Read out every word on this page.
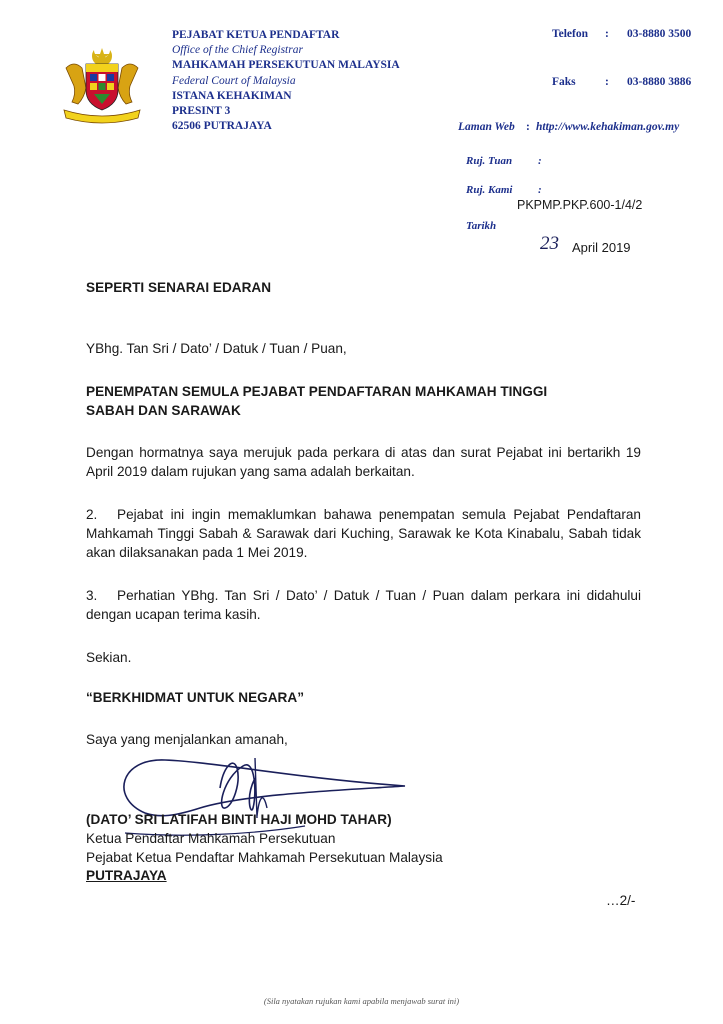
PEJABAT KETUA PENDAFTAR
Office of the Chief Registrar
MAHKAMAH PERSEKUTUAN MALAYSIA
Federal Court of Malaysia
ISTANA KEHAKIMAN
PRESINT 3
62506 PUTRAJAYA
Telefon : 03-8880 3500
Faks	: 03-8880 3886
Laman Web : http://www.kehakiman.gov.my
Ruj. Tuan :
Ruj. Kami :
PKPMP.PKP.600-1/4/2
Tarikh
23 April 2019
SEPERTI SENARAI EDARAN
YBhg. Tan Sri / Dato’ / Datuk / Tuan / Puan,
PENEMPATAN SEMULA PEJABAT PENDAFTARAN MAHKAMAH TINGGI
SABAH DAN SARAWAK
Dengan hormatnya saya merujuk pada perkara di atas dan surat Pejabat ini bertarikh 19 April 2019 dalam rujukan yang sama adalah berkaitan.
2.	Pejabat ini ingin memaklumkan bahawa penempatan semula Pejabat Pendaftaran Mahkamah Tinggi Sabah & Sarawak dari Kuching, Sarawak ke Kota Kinabalu, Sabah tidak akan dilaksanakan pada 1 Mei 2019.
3.	Perhatian YBhg. Tan Sri / Dato’ / Datuk / Tuan / Puan dalam perkara ini didahului dengan ucapan terima kasih.
Sekian.
“BERKHIDMAT UNTUK NEGARA”
Saya yang menjalankan amanah,
(DATO’ SRI LATIFAH BINTI HAJI MOHD TAHAR)
Ketua Pendaftar Mahkamah Persekutuan
Pejabat Ketua Pendaftar Mahkamah Persekutuan Malaysia
PUTRAJAYA
…2/-
(Sila nyatakan rujukan kami apabila menjawab surat ini)
